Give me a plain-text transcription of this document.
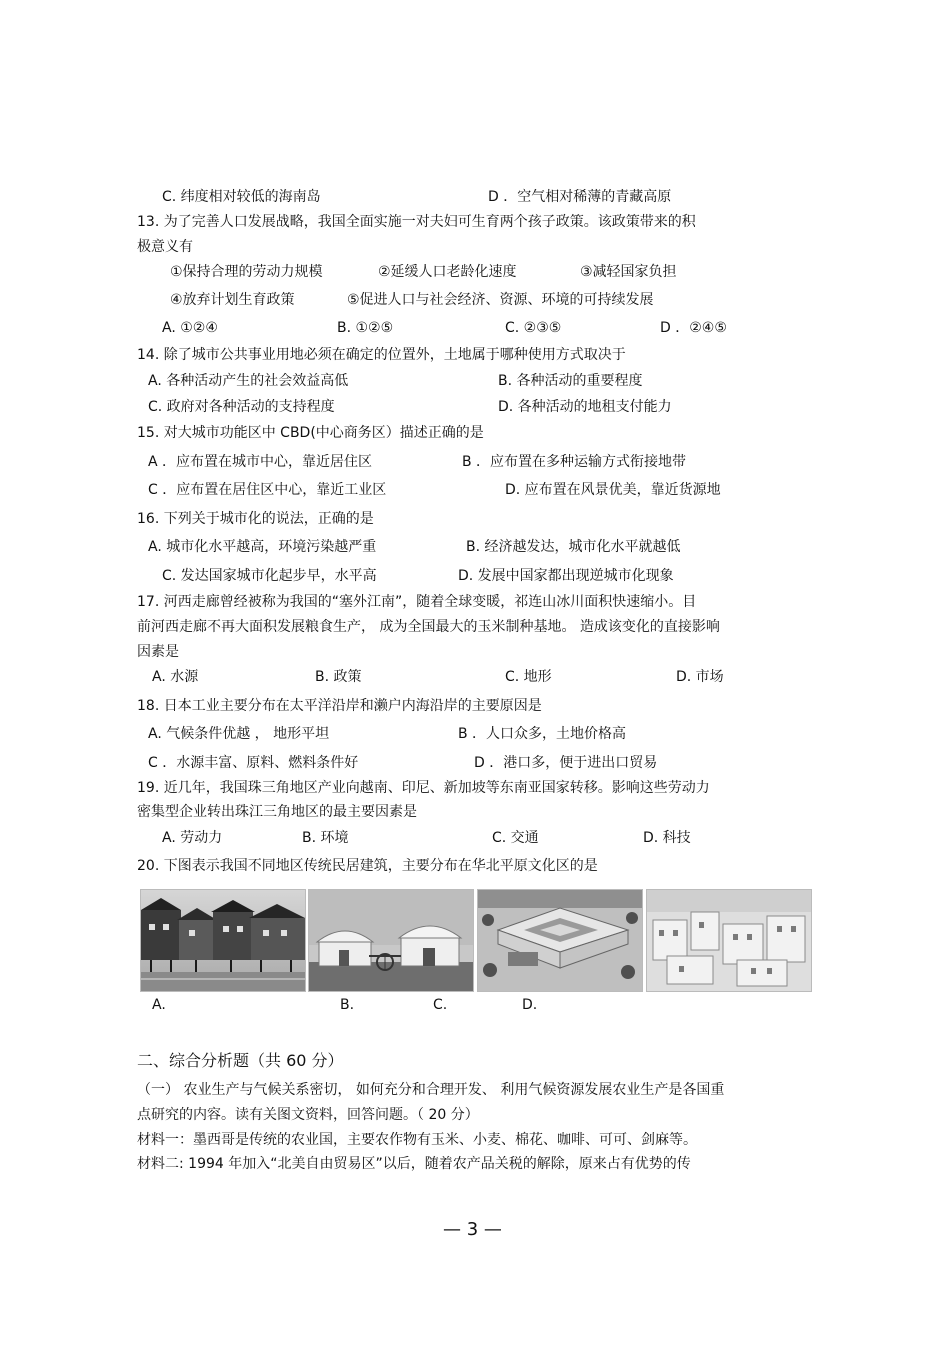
C. 纬度相对较低的海南岛	D ．空气相对稀薄的青藏高原
13. 为了完善人口发展战略，我国全面实施一对夫妇可生育两个孩子政策。该政策带来的积
极意义有
①保持合理的劳动力规模	②延缓人口老龄化速度	③减轻国家负担
④放弃计划生育政策	⑤促进人口与社会经济、资源、环境的可持续发展
A. ①②④	B. ①②⑤	C. ②③⑤	D ．②④⑤
14. 除了城市公共事业用地必须在确定的位置外，土地属于哪种使用方式取决于
A. 各种活动产生的社会效益高低	B. 各种活动的重要程度
C. 政府对各种活动的支持程度	D. 各种活动的地租支付能力
15. 对大城市功能区中 CBD(中心商务区）描述正确的是
A ．应布置在城市中心，靠近居住区	B ．应布置在多种运输方式衔接地带
C ．应布置在居住区中心，靠近工业区	D. 应布置在风景优美，靠近货源地
16. 下列关于城市化的说法，正确的是
A. 城市化水平越高，环境污染越严重	B. 经济越发达，城市化水平就越低
C. 发达国家城市化起步早，水平高	D. 发展中国家都出现逆城市化现象
17. 河西走廊曾经被称为我国的“塞外江南”，随着全球变暖，祁连山冰川面积快速缩小。目
前河西走廊不再大面积发展粮食生产， 成为全国最大的玉米制种基地。 造成该变化的直接影响
因素是
A. 水源	B. 政策	C. 地形	D. 市场
18. 日本工业主要分布在太平洋沿岸和濑户内海沿岸的主要原因是
A. 气候条件优越 ， 地形平坦	B ．人口众多，土地价格高
C ．水源丰富、原料、燃料条件好	D ．港口多，便于进出口贸易
19. 近几年，我国珠三角地区产业向越南、印尼、新加坡等东南亚国家转移。影响这些劳动力
密集型企业转出珠江三角地区的最主要因素是
A. 劳动力	B. 环境	C. 交通	D. 科技
20. 下图表示我国不同地区传统民居建筑，主要分布在华北平原文化区的是
A.	B.	C.	D.
二、综合分析题（共 60 分）
（一） 农业生产与气候关系密切， 如何充分和合理开发、 利用气候资源发展农业生产是各国重
点研究的内容。读有关图文资料，回答问题。（ 20 分）
材料一：墨西哥是传统的农业国，主要农作物有玉米、小麦、棉花、咖啡、可可、剑麻等。
材料二: 1994 年加入“北美自由贸易区”以后，随着农产品关税的解除，原来占有优势的传
— 3 —
